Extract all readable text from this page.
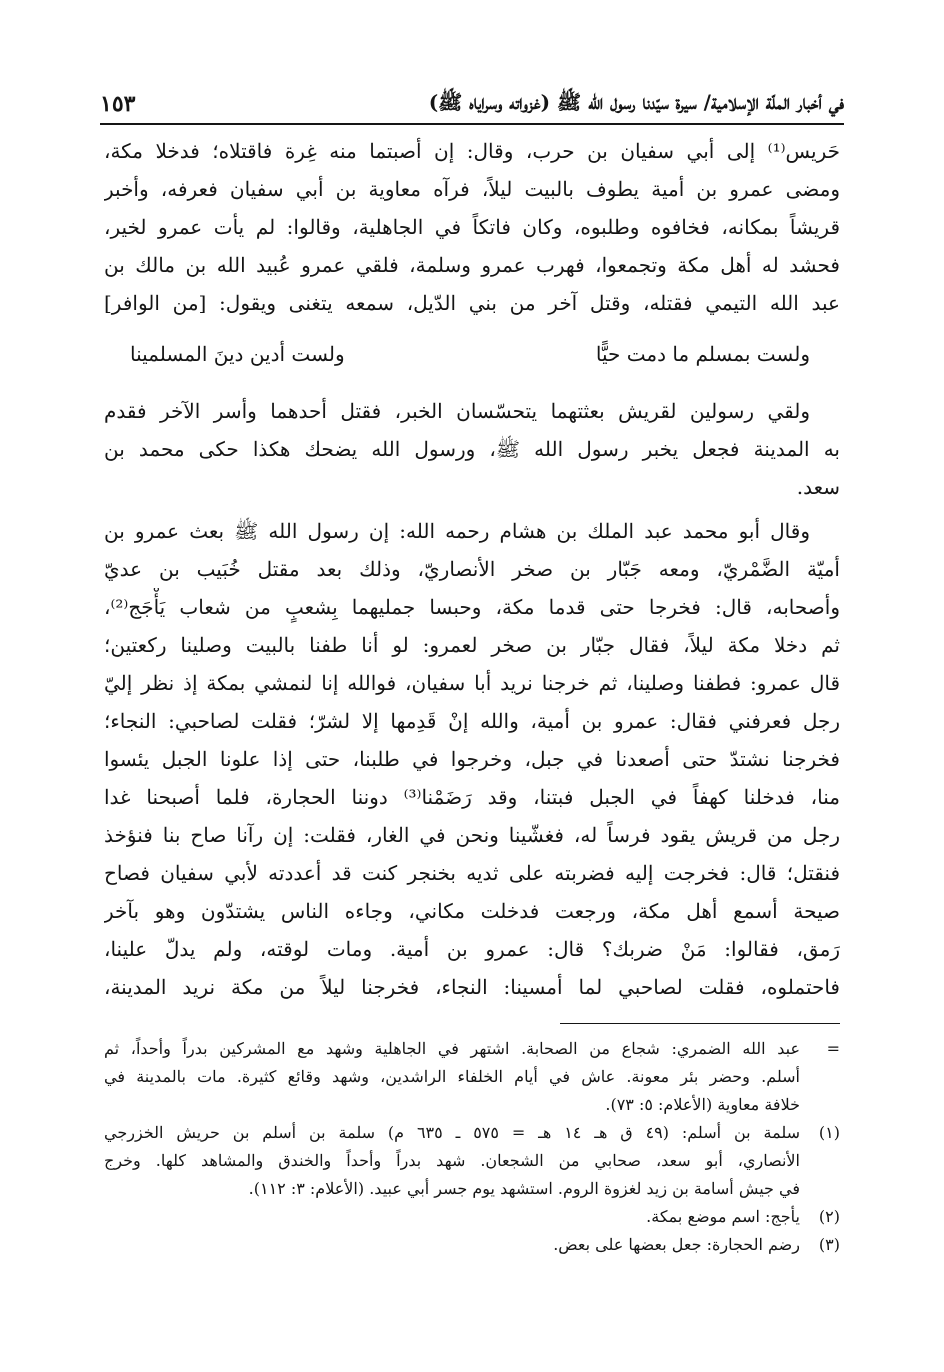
في أخبار الملّة الإسلامية/ سيرة سيّدنا رسول الله ﷺ (غزواته وسراياه ﷺ)
١٥٣
حَريس⁽¹⁾ إلى أبي سفيان بن حرب، وقال: إن أصبتما منه غِرة فاقتلاه؛ فدخلا مكة،
ومضى عمرو بن أمية يطوف بالبيت ليلاً، فرآه معاوية بن أبي سفيان فعرفه، وأخبر
قريشاً بمكانه، فخافوه وطلبوه، وكان فاتكاً في الجاهلية، وقالوا: لم يأت عمرو لخير،
فحشد له أهل مكة وتجمعوا، فهرب عمرو وسلمة، فلقي عمرو عُبيد الله بن مالك بن
عبد الله التيمي فقتله، وقتل آخر من بني الدّيل، سمعه يتغنى ويقول: [من الوافر]
ولست بمسلم ما دمت حيًّا
ولست أدين دينَ المسلمينا
ولقي رسولين لقريش بعثتهما يتحسّسان الخبر، فقتل أحدهما وأسر الآخر فقدم
به المدينة فجعل يخبر رسول الله ﷺ، ورسول الله يضحك هكذا حكى محمد بن
سعد.
وقال أبو محمد عبد الملك بن هشام رحمه الله: إن رسول الله ﷺ بعث عمرو بن
أميّة الضَّمْريّ، ومعه جَبّار بن صخر الأنصاريّ، وذلك بعد مقتل خُبَيب بن عديّ
وأصحابه، قال: فخرجا حتى قدما مكة، وحبسا جمليهما بِشعبٍ من شعاب يَأْجَج⁽²⁾،
ثم دخلا مكة ليلاً، فقال جبّار بن صخر لعمرو: لو أنا طفنا بالبيت وصلينا ركعتين؛
قال عمرو: فطفنا وصلينا، ثم خرجنا نريد أبا سفيان، فوالله إنا لنمشي بمكة إذ نظر إليّ
رجل فعرفني فقال: عمرو بن أمية، والله إنْ قَدِمها إلا لشرّ؛ فقلت لصاحبي: النجاء؛
فخرجنا نشتدّ حتى أصعدنا في جبل، وخرجوا في طلبنا، حتى إذا علونا الجبل يئسوا
منا، فدخلنا كهفاً في الجبل فبتنا، وقد رَضَمْنا⁽³⁾ دوننا الحجارة، فلما أصبحنا غدا
رجل من قريش يقود فرساً له، فغشّينا ونحن في الغار، فقلت: إن رآنا صاح بنا فنؤخذ
فنقتل؛ قال: فخرجت إليه فضربته على ثديه بخنجر كنت قد أعددته لأبي سفيان فصاح
صيحة أسمع أهل مكة، ورجعت فدخلت مكاني، وجاءه الناس يشتدّون وهو بآخر
رَمق، فقالوا: مَنْ ضربك؟ قال: عمرو بن أمية. ومات لوقته، ولم يدلّ علينا،
فاحتملوه، فقلت لصاحبي لما أمسينا: النجاء، فخرجنا ليلاً من مكة نريد المدينة،
=
عبد الله الضمري: شجاع من الصحابة. اشتهر في الجاهلية وشهد مع المشركين بدراً وأحداً، ثم
أسلم. وحضر بئر معونة. عاش في أيام الخلفاء الراشدين، وشهد وقائع كثيرة. مات بالمدينة في
خلافة معاوية (الأعلام: ٥: ٧٣).
(١)
سلمة بن أسلم: (٤٩ ق هـ ١٤ هـ = ٥٧٥ ـ ٦٣٥ م) سلمة بن أسلم بن حريش الخزرجي
الأنصاري، أبو سعد، صحابي من الشجعان. شهد بدراً وأحداً والخندق والمشاهد كلها. وخرج
في جيش أسامة بن زيد لغزوة الروم. استشهد يوم جسر أبي عبيد. (الأعلام: ٣: ١١٢).
(٢)
يأجج: اسم موضع بمكة.
(٣)
رضم الحجارة: جعل بعضها على بعض.
